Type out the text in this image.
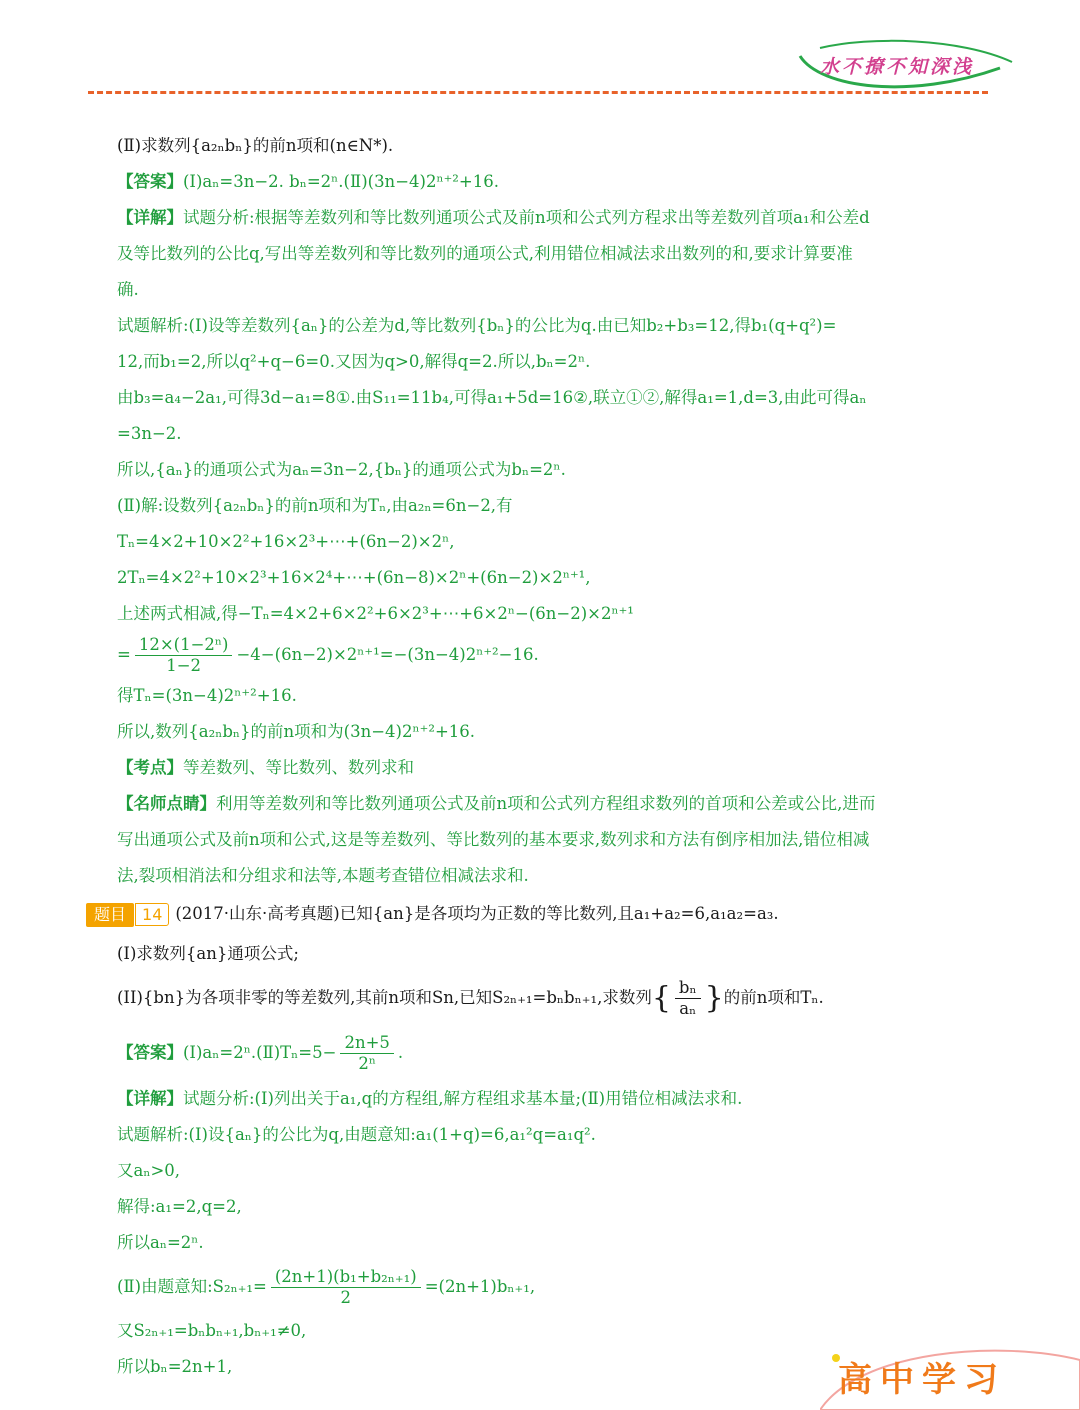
水不撩不知深浅
(Ⅱ)求数列{a₂ₙbₙ}的前n项和(n∈N*).
【答案】(Ⅰ)aₙ=3n−2. bₙ=2ⁿ.(Ⅱ)(3n−4)2ⁿ⁺²+16.
【详解】试题分析:根据等差数列和等比数列通项公式及前n项和公式列方程求出等差数列首项a₁和公差d
及等比数列的公比q,写出等差数列和等比数列的通项公式,利用错位相减法求出数列的和,要求计算要准
确.
试题解析:(Ⅰ)设等差数列{aₙ}的公差为d,等比数列{bₙ}的公比为q.由已知b₂+b₃=12,得b₁(q+q²)=
12,而b₁=2,所以q²+q−6=0.又因为q>0,解得q=2.所以,bₙ=2ⁿ.
由b₃=a₄−2a₁,可得3d−a₁=8①.由S₁₁=11b₄,可得a₁+5d=16②,联立①②,解得a₁=1,d=3,由此可得aₙ
=3n−2.
所以,{aₙ}的通项公式为aₙ=3n−2,{bₙ}的通项公式为bₙ=2ⁿ.
(Ⅱ)解:设数列{a₂ₙbₙ}的前n项和为Tₙ,由a₂ₙ=6n−2,有
Tₙ=4×2+10×2²+16×2³+⋯+(6n−2)×2ⁿ,
2Tₙ=4×2²+10×2³+16×2⁴+⋯+(6n−8)×2ⁿ+(6n−2)×2ⁿ⁺¹,
上述两式相减,得−Tₙ=4×2+6×2²+6×2³+⋯+6×2ⁿ−(6n−2)×2ⁿ⁺¹
= $\frac{\text{12×(1−2ⁿ)}}{1-2} -4-(6n-2)\times 2^{n+1}=-(3n-4)2^{n+2}-16$.
得Tₙ=(3n−4)2ⁿ⁺²+16.
所以,数列{a₂ₙbₙ}的前n项和为(3n−4)2ⁿ⁺²+16.
【考点】等差数列、等比数列、数列求和
【名师点睛】利用等差数列和等比数列通项公式及前n项和公式列方程组求数列的首项和公差或公比,进而
写出通项公式及前n项和公式,这是等差数列、等比数列的基本要求,数列求和方法有倒序相加法,错位相减
法,裂项相消法和分组求和法等,本题考查错位相减法求和.
题目 14 (2017·山东·高考真题)已知{an}是各项均为正数的等比数列,且a₁+a₂=6,a₁a₂=a₃.
(I)求数列{an}通项公式;
(II){bn}为各项非零的等差数列,其前n项和Sn,已知S₂ₙ₊₁=bₙbₙ₊₁,求数列{ $\frac{\text{bₙ}}{\text{aₙ}}$ }的前n项和Tₙ.
【答案】(Ⅰ)aₙ=2ⁿ.(Ⅱ)Tₙ=5− $\frac{2n+5}{\text{2ⁿ}}$ .
【详解】试题分析:(Ⅰ)列出关于a₁,q的方程组,解方程组求基本量;(Ⅱ)用错位相减法求和.
试题解析:(Ⅰ)设{aₙ}的公比为q,由题意知:a₁(1+q)=6,a₁²q=a₁q².
又aₙ>0,
解得:a₁=2,q=2,
所以aₙ=2ⁿ.
(Ⅱ)由题意知:S₂ₙ₊₁= $\frac{\text{(2n+1)(b₁+b₂ₙ₊₁)}}{2} =(2n+1)b_{n+1}$,
又S₂ₙ₊₁=bₙbₙ₊₁,bₙ₊₁≠0,
所以bₙ=2n+1,	高中学习
